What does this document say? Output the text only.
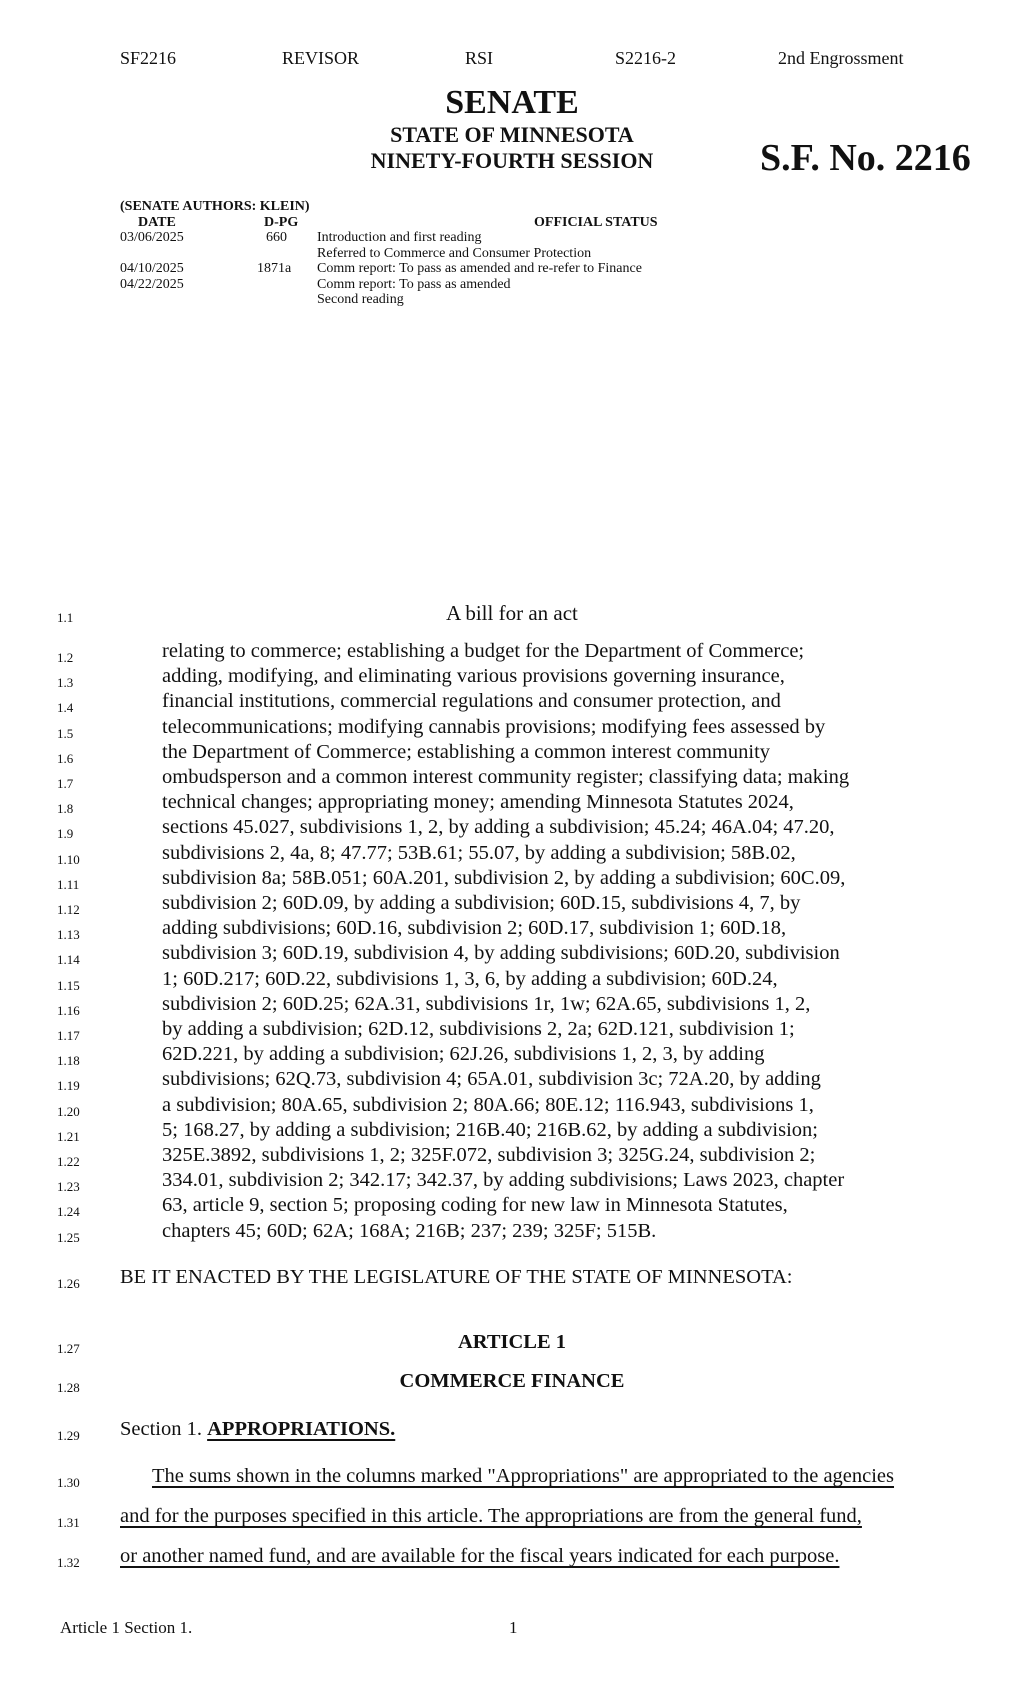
SF2216	REVISOR	RSI	S2216-2	2nd Engrossment
SENATE
STATE OF MINNESOTA
NINETY-FOURTH SESSION	S.F. No. 2216
(SENATE AUTHORS: KLEIN)
DATE	D-PG	OFFICIAL STATUS
03/06/2025	660 Introduction and first reading
Referred to Commerce and Consumer Protection
04/10/2025	1871a Comm report: To pass as amended and re-refer to Finance
04/22/2025	Comm report: To pass as amended
Second reading
1.1	A bill for an act
1.2	relating to commerce; establishing a budget for the Department of Commerce;
1.3	adding, modifying, and eliminating various provisions governing insurance,
1.4	financial institutions, commercial regulations and consumer protection, and
1.5	telecommunications; modifying cannabis provisions; modifying fees assessed by
1.6	the Department of Commerce; establishing a common interest community
1.7	ombudsperson and a common interest community register; classifying data; making
1.8	technical changes; appropriating money; amending Minnesota Statutes 2024,
1.9	sections 45.027, subdivisions 1, 2, by adding a subdivision; 45.24; 46A.04; 47.20,
1.10	subdivisions 2, 4a, 8; 47.77; 53B.61; 55.07, by adding a subdivision; 58B.02,
1.11	subdivision 8a; 58B.051; 60A.201, subdivision 2, by adding a subdivision; 60C.09,
1.12	subdivision 2; 60D.09, by adding a subdivision; 60D.15, subdivisions 4, 7, by
1.13	adding subdivisions; 60D.16, subdivision 2; 60D.17, subdivision 1; 60D.18,
1.14	subdivision 3; 60D.19, subdivision 4, by adding subdivisions; 60D.20, subdivision
1.15	1; 60D.217; 60D.22, subdivisions 1, 3, 6, by adding a subdivision; 60D.24,
1.16	subdivision 2; 60D.25; 62A.31, subdivisions 1r, 1w; 62A.65, subdivisions 1, 2,
1.17	by adding a subdivision; 62D.12, subdivisions 2, 2a; 62D.121, subdivision 1;
1.18	62D.221, by adding a subdivision; 62J.26, subdivisions 1, 2, 3, by adding
1.19	subdivisions; 62Q.73, subdivision 4; 65A.01, subdivision 3c; 72A.20, by adding
1.20	a subdivision; 80A.65, subdivision 2; 80A.66; 80E.12; 116.943, subdivisions 1,
1.21	5; 168.27, by adding a subdivision; 216B.40; 216B.62, by adding a subdivision;
1.22	325E.3892, subdivisions 1, 2; 325F.072, subdivision 3; 325G.24, subdivision 2;
1.23	334.01, subdivision 2; 342.17; 342.37, by adding subdivisions; Laws 2023, chapter
1.24	63, article 9, section 5; proposing coding for new law in Minnesota Statutes,
1.25	chapters 45; 60D; 62A; 168A; 216B; 237; 239; 325F; 515B.
1.26 BE IT ENACTED BY THE LEGISLATURE OF THE STATE OF MINNESOTA:
1.27	ARTICLE 1
1.28	COMMERCE FINANCE
1.29 Section 1. APPROPRIATIONS.
1.30	The sums shown in the columns marked "Appropriations" are appropriated to the agencies
1.31 and for the purposes specified in this article. The appropriations are from the general fund,
1.32 or another named fund, and are available for the fiscal years indicated for each purpose.
Article 1 Section 1.	1
